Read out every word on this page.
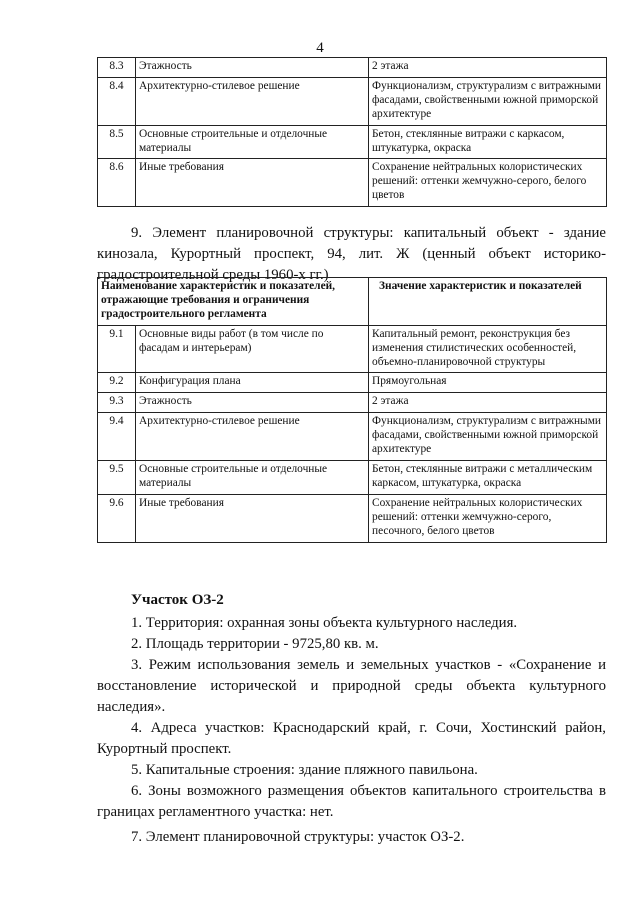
4
8.3	Этажность	2 этажа
8.4	Архитектурно-стилевое решение	Функционализм, структурализм с витражными фасадами, свойственными южной приморской архитектуре
8.5	Основные строительные и отделочные материалы	Бетон, стеклянные витражи с каркасом, штукатурка, окраска
8.6	Иные требования	Сохранение нейтральных колористических решений: оттенки жемчужно-серого, белого цветов

9. Элемент планировочной структуры: капитальный объект - здание кинозала, Курортный проспект, 94, лит. Ж (ценный объект историко-градостроительной среды 1960-х гг.)

Наименование характеристик и показателей, отражающие требования и ограничения градостроительного регламента		Значение характеристик и показателей
9.1	Основные виды работ (в том числе по фасадам и интерьерам)	Капитальный ремонт, реконструкция без изменения стилистических особенностей, объемно-планировочной структуры
9.2	Конфигурация плана	Прямоугольная
9.3	Этажность	2 этажа
9.4	Архитектурно-стилевое решение	Функционализм, структурализм с витражными фасадами, свойственными южной приморской архитектуре
9.5	Основные строительные и отделочные материалы	Бетон, стеклянные витражи с металлическим каркасом, штукатурка, окраска
9.6	Иные требования	Сохранение нейтральных колористических решений: оттенки жемчужно-серого, песочного, белого цветов

Участок ОЗ-2

1. Территория: охранная зоны объекта культурного наследия.

2. Площадь территории - 9725,80 кв. м.

3. Режим использования земель и земельных участков - «Сохранение и восстановление исторической и природной среды объекта культурного наследия».

4. Адреса участков: Краснодарский край, г. Сочи, Хостинский район, Курортный проспект.

5. Капитальные строения: здание пляжного павильона.

6. Зоны возможного размещения объектов капитального строительства в границах регламентного участка: нет.

7. Элемент планировочной структуры: участок ОЗ-2.
